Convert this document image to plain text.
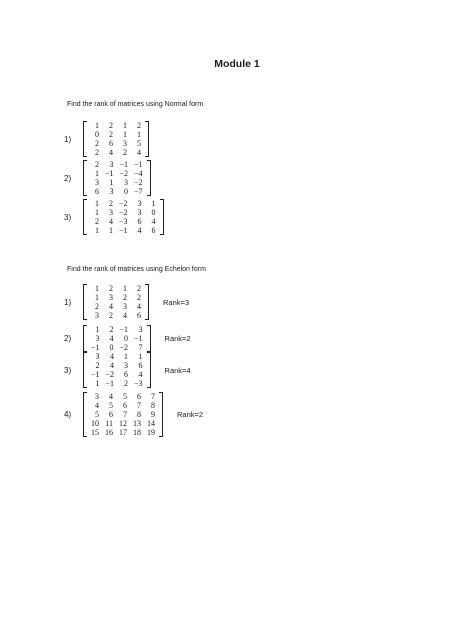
Module 1
Find the rank of matrices using Normal form
1)
1	2	1	2
0	2	1	1
2	6	3	5
2	4	2	4
2)
2	3	−1	−1
1	−1	−2	−4
3	1	3	−2
6	3	0	−7
3)
1	2	−2	3	1
1	3	−2	3	0
2	4	−3	6	4
1	1	−1	4	6
Find the rank of matrices using Echelon form
1)
1	2	1	2
1	3	2	2
2	4	3	4
3	2	4	6
Rank=3
2)
1	2	−1	3
3	4	0	−1
−1	0	−2	7
Rank=2
3)
3	4	1	1
2	4	3	6
−1	−2	6	4
1	−1	2	−3
Rank=4
4)
3	4	5	6	7
4	5	6	7	8
5	6	7	8	9
10	11	12	13	14
15	16	17	18	19
Rank=2
